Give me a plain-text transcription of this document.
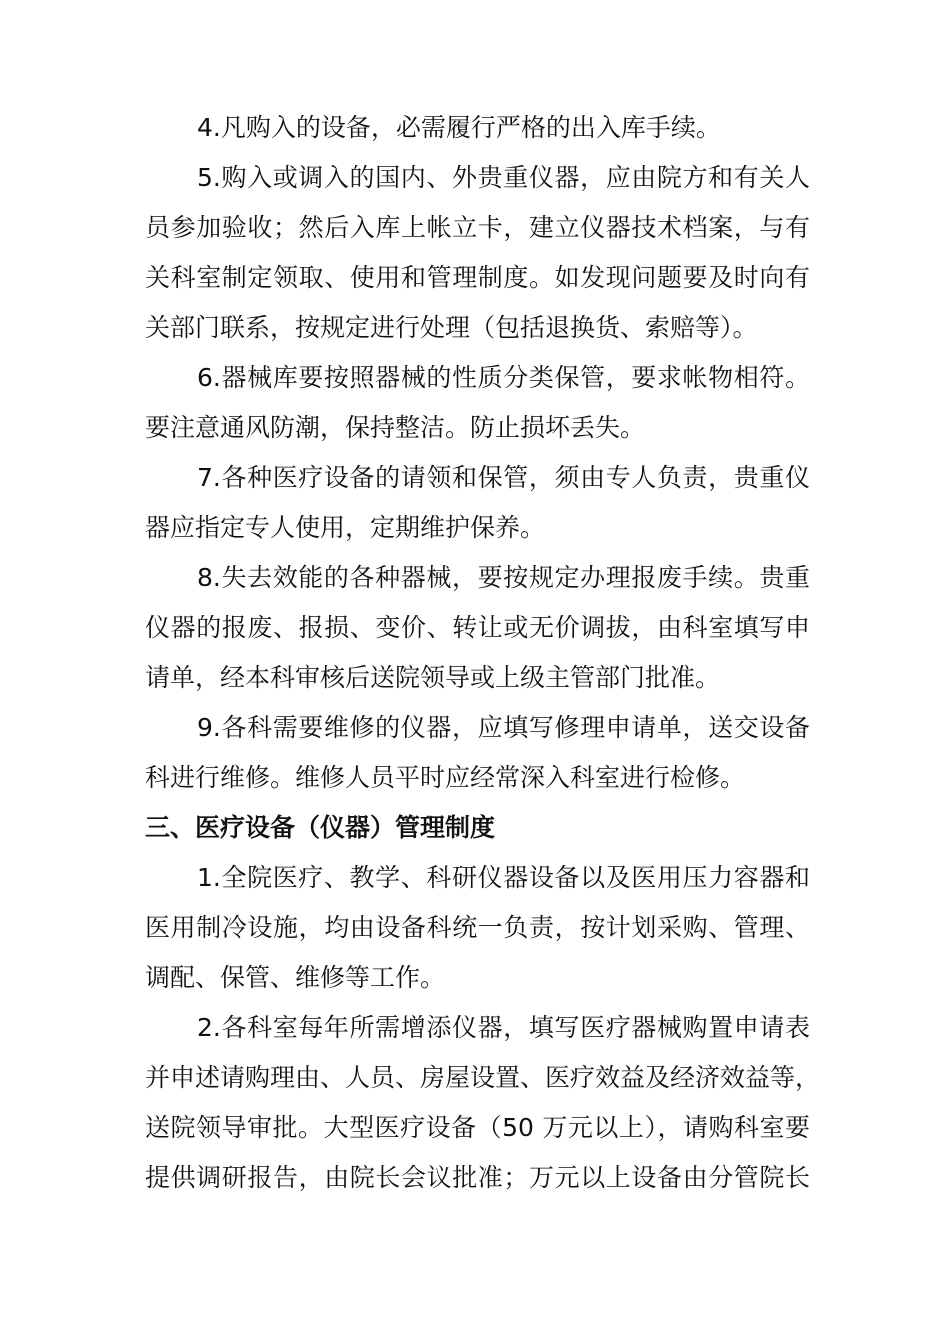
4.凡购入的设备，必需履行严格的出入库手续。
5.购入或调入的国内、外贵重仪器，应由院方和有关人
员参加验收；然后入库上帐立卡，建立仪器技术档案，与有
关科室制定领取、使用和管理制度。如发现问题要及时向有
关部门联系，按规定进行处理（包括退换货、索赔等）。
6.器械库要按照器械的性质分类保管，要求帐物相符。
要注意通风防潮，保持整洁。防止损坏丢失。
7.各种医疗设备的请领和保管，须由专人负责，贵重仪
器应指定专人使用，定期维护保养。
8.失去效能的各种器械，要按规定办理报废手续。贵重
仪器的报废、报损、变价、转让或无价调拔，由科室填写申
请单，经本科审核后送院领导或上级主管部门批准。
9.各科需要维修的仪器，应填写修理申请单，送交设备
科进行维修。维修人员平时应经常深入科室进行检修。
三、医疗设备（仪器）管理制度
1.全院医疗、教学、科研仪器设备以及医用压力容器和
医用制冷设施，均由设备科统一负责，按计划采购、管理、
调配、保管、维修等工作。
2.各科室每年所需增添仪器，填写医疗器械购置申请表
并申述请购理由、人员、房屋设置、医疗效益及经济效益等，
送院领导审批。大型医疗设备（50 万元以上），请购科室要
提供调研报告，由院长会议批准；万元以上设备由分管院长
